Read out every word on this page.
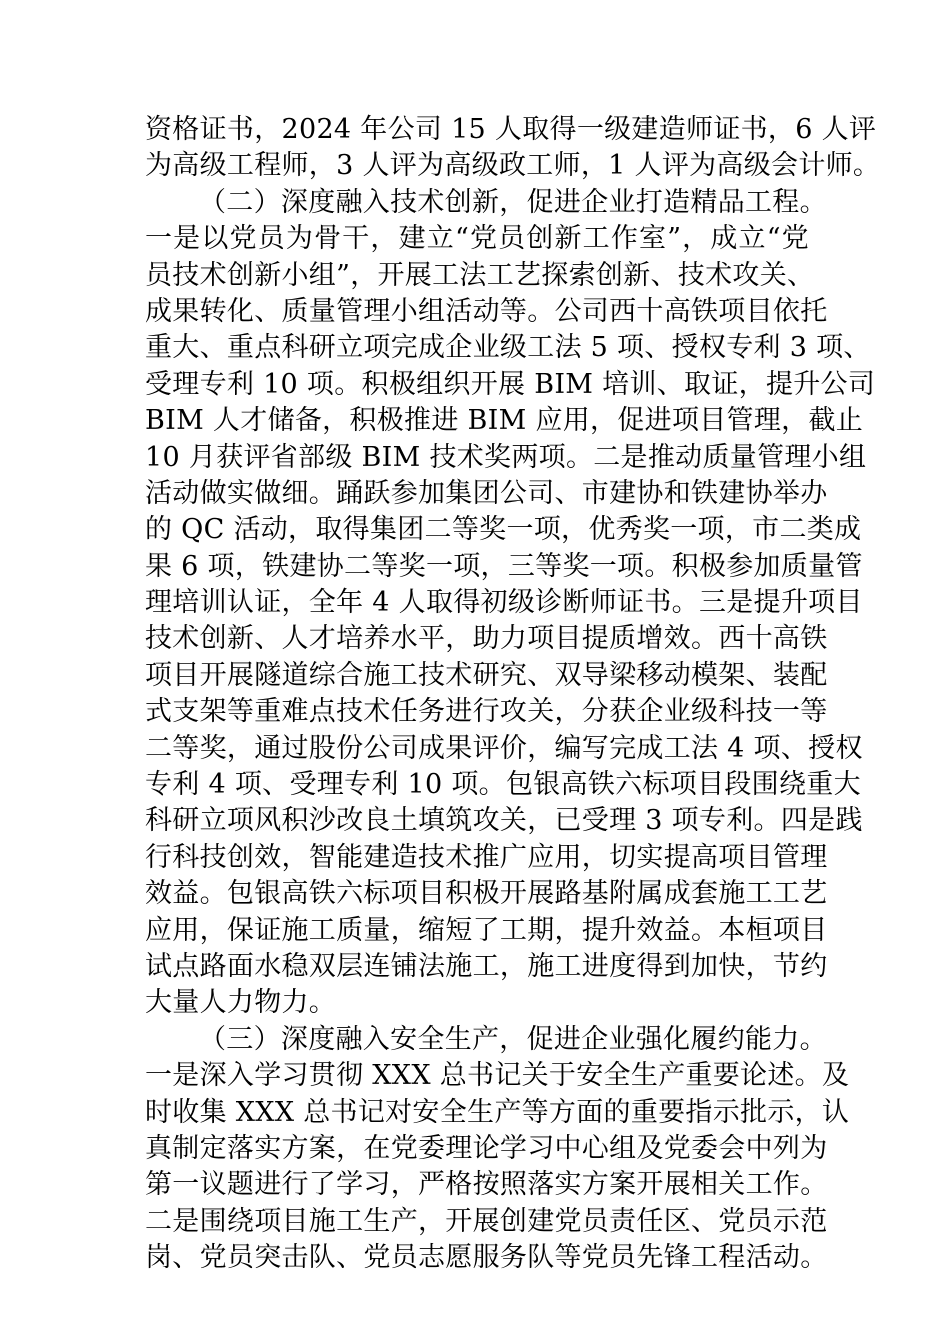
资格证书，2024 年公司 15 人取得一级建造师证书，6 人评
为高级工程师，3 人评为高级政工师，1 人评为高级会计师。
（二）深度融入技术创新，促进企业打造精品工程。
一是以党员为骨干，建立“党员创新工作室”，成立“党
员技术创新小组”，开展工法工艺探索创新、技术攻关、
成果转化、质量管理小组活动等。公司西十高铁项目依托
重大、重点科研立项完成企业级工法 5 项、授权专利 3 项、
受理专利 10 项。积极组织开展 BIM 培训、取证，提升公司
BIM 人才储备，积极推进 BIM 应用，促进项目管理，截止
10 月获评省部级 BIM 技术奖两项。二是推动质量管理小组
活动做实做细。踊跃参加集团公司、市建协和铁建协举办
的 QC 活动，取得集团二等奖一项，优秀奖一项，市二类成
果 6 项，铁建协二等奖一项，三等奖一项。积极参加质量管
理培训认证，全年 4 人取得初级诊断师证书。三是提升项目
技术创新、人才培养水平，助力项目提质增效。西十高铁
项目开展隧道综合施工技术研究、双导梁移动模架、装配
式支架等重难点技术任务进行攻关，分获企业级科技一等
二等奖，通过股份公司成果评价，编写完成工法 4 项、授权
专利 4 项、受理专利 10 项。包银高铁六标项目段围绕重大
科研立项风积沙改良土填筑攻关，已受理 3 项专利。四是践
行科技创效，智能建造技术推广应用，切实提高项目管理
效益。包银高铁六标项目积极开展路基附属成套施工工艺
应用，保证施工质量，缩短了工期，提升效益。本桓项目
试点路面水稳双层连铺法施工，施工进度得到加快，节约
大量人力物力。
（三）深度融入安全生产，促进企业强化履约能力。
一是深入学习贯彻 XXX 总书记关于安全生产重要论述。及
时收集 XXX 总书记对安全生产等方面的重要指示批示，认
真制定落实方案，在党委理论学习中心组及党委会中列为
第一议题进行了学习，严格按照落实方案开展相关工作。
二是围绕项目施工生产，开展创建党员责任区、党员示范
岗、党员突击队、党员志愿服务队等党员先锋工程活动。
